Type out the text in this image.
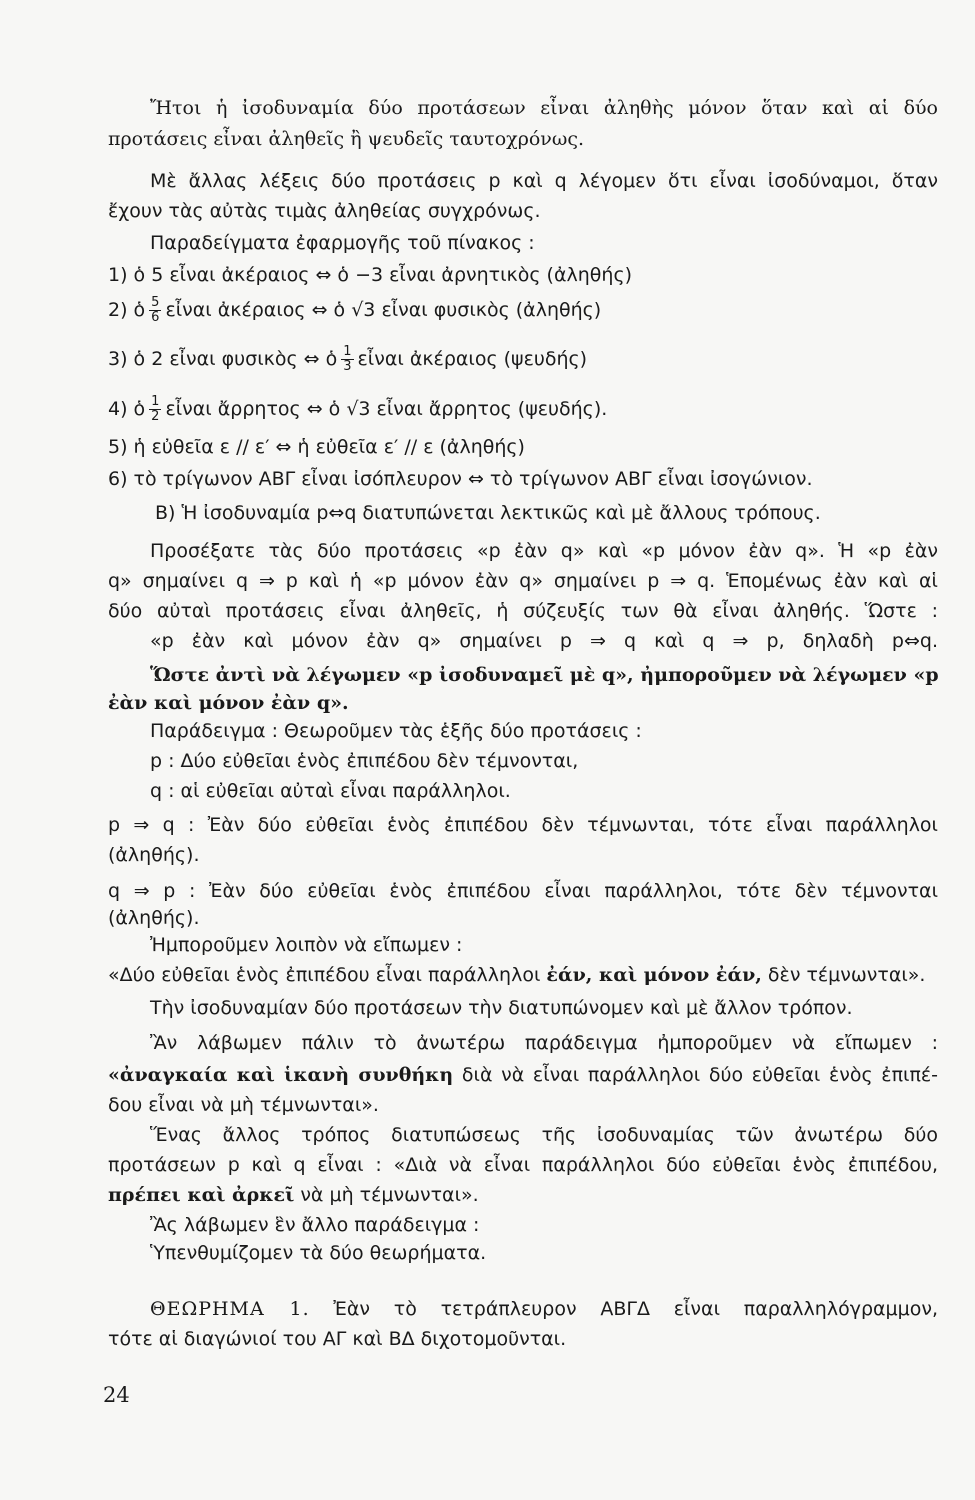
Ἤτοι ἡ ἰσοδυναμία δύο προτάσεων εἶναι ἀληθὴς μόνον ὅταν καὶ αἱ δύο
προτάσεις εἶναι ἀληθεῖς ἢ ψευδεῖς ταυτοχρόνως.
Μὲ ἄλλας λέξεις δύο προτάσεις p καὶ q λέγομεν ὅτι εἶναι ἰσοδύναμοι, ὅταν
ἔχουν τὰς αὐτὰς τιμὰς ἀληθείας συγχρόνως.
Παραδείγματα ἐφαρμογῆς τοῦ πίνακος :
1) ὁ 5 εἶναι ἀκέραιος ⇔ ὁ −3 εἶναι ἀρνητικὸς (ἀληθής)
2) ὁ $\frac{5}{6}$ εἶναι ἀκέραιος ⇔ ὁ √3 εἶναι φυσικὸς (ἀληθής)
3) ὁ 2 εἶναι φυσικὸς ⇔ ὁ $\frac{1}{3}$ εἶναι ἀκέραιος (ψευδής)
4) ὁ $\frac{1}{2}$ εἶναι ἄρρητος ⇔ ὁ √3 εἶναι ἄρρητος (ψευδής).
5) ἡ εὐθεῖα ε // ε′ ⇔ ἡ εὐθεῖα ε′ // ε (ἀληθής)
6) τὸ τρίγωνον ΑΒΓ εἶναι ἰσόπλευρον ⇔ τὸ τρίγωνον ΑΒΓ εἶναι ἰσογώνιον.
Β) Ἡ ἰσοδυναμία p⇔q διατυπώνεται λεκτικῶς καὶ μὲ ἄλλους τρόπους.
Προσέξατε τὰς δύο προτάσεις «p ἐὰν q» καὶ «p μόνον ἐὰν q». Ἡ «p ἐὰν
q» σημαίνει q ⇒ p καὶ ἡ «p μόνον ἐὰν q» σημαίνει p ⇒ q. Ἑπομένως ἐὰν καὶ αἱ
δύο αὐταὶ προτάσεις εἶναι ἀληθεῖς, ἡ σύζευξίς των θὰ εἶναι ἀληθής. Ὥστε :
«p ἐὰν καὶ μόνον ἐὰν q» σημαίνει p ⇒ q καὶ q ⇒ p, δηλαδὴ p⇔q.
Ὥστε ἀντὶ νὰ λέγωμεν «p ἰσοδυναμεῖ μὲ q», ἠμποροῦμεν νὰ λέγωμεν «p
ἐὰν καὶ μόνον ἐὰν q».
Παράδειγμα : Θεωροῦμεν τὰς ἑξῆς δύο προτάσεις :
p : Δύο εὐθεῖαι ἑνὸς ἐπιπέδου δὲν τέμνονται,
q : αἱ εὐθεῖαι αὐταὶ εἶναι παράλληλοι.
p ⇒ q : Ἐὰν δύο εὐθεῖαι ἑνὸς ἐπιπέδου δὲν τέμνωνται, τότε εἶναι παράλληλοι
(ἀληθής).
q ⇒ p : Ἐὰν δύο εὐθεῖαι ἑνὸς ἐπιπέδου εἶναι παράλληλοι, τότε δὲν τέμνονται
(ἀληθής).
Ἠμποροῦμεν λοιπὸν νὰ εἴπωμεν :
«Δύο εὐθεῖαι ἑνὸς ἐπιπέδου εἶναι παράλληλοι ἐάν, καὶ μόνον ἐάν, δὲν τέμνωνται».
Τὴν ἰσοδυναμίαν δύο προτάσεων τὴν διατυπώνομεν καὶ μὲ ἄλλον τρόπον.
Ἂν λάβωμεν πάλιν τὸ ἀνωτέρω παράδειγμα ἠμποροῦμεν νὰ εἴπωμεν :
«ἀναγκαία καὶ ἱκανὴ συνθήκη διὰ νὰ εἶναι παράλληλοι δύο εὐθεῖαι ἑνὸς ἐπιπέ-
δου εἶναι νὰ μὴ τέμνωνται».
Ἕνας ἄλλος τρόπος διατυπώσεως τῆς ἰσοδυναμίας τῶν ἀνωτέρω δύο
προτάσεων p καὶ q εἶναι : «Διὰ νὰ εἶναι παράλληλοι δύο εὐθεῖαι ἑνὸς ἐπιπέδου,
πρέπει καὶ ἀρκεῖ νὰ μὴ τέμνωνται».
Ἂς λάβωμεν ἓν ἄλλο παράδειγμα :
Ὑπενθυμίζομεν τὰ δύο θεωρήματα.
ΘΕΩΡΗΜΑ 1. Ἐὰν τὸ τετράπλευρον ΑΒΓΔ εἶναι παραλληλόγραμμον,
τότε αἱ διαγώνιοί του ΑΓ καὶ ΒΔ διχοτομοῦνται.
24
